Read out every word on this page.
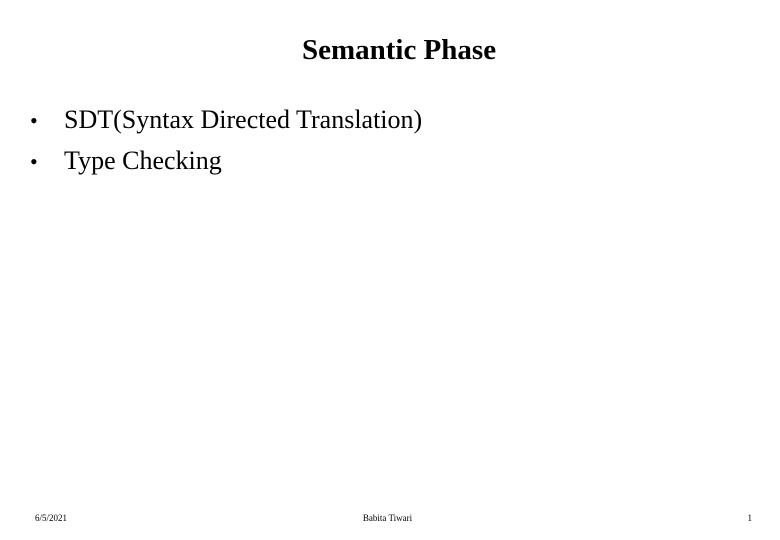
Semantic Phase
•	SDT(Syntax Directed Translation)
•	Type Checking
6/5/2021	Babita Tiwari	1
